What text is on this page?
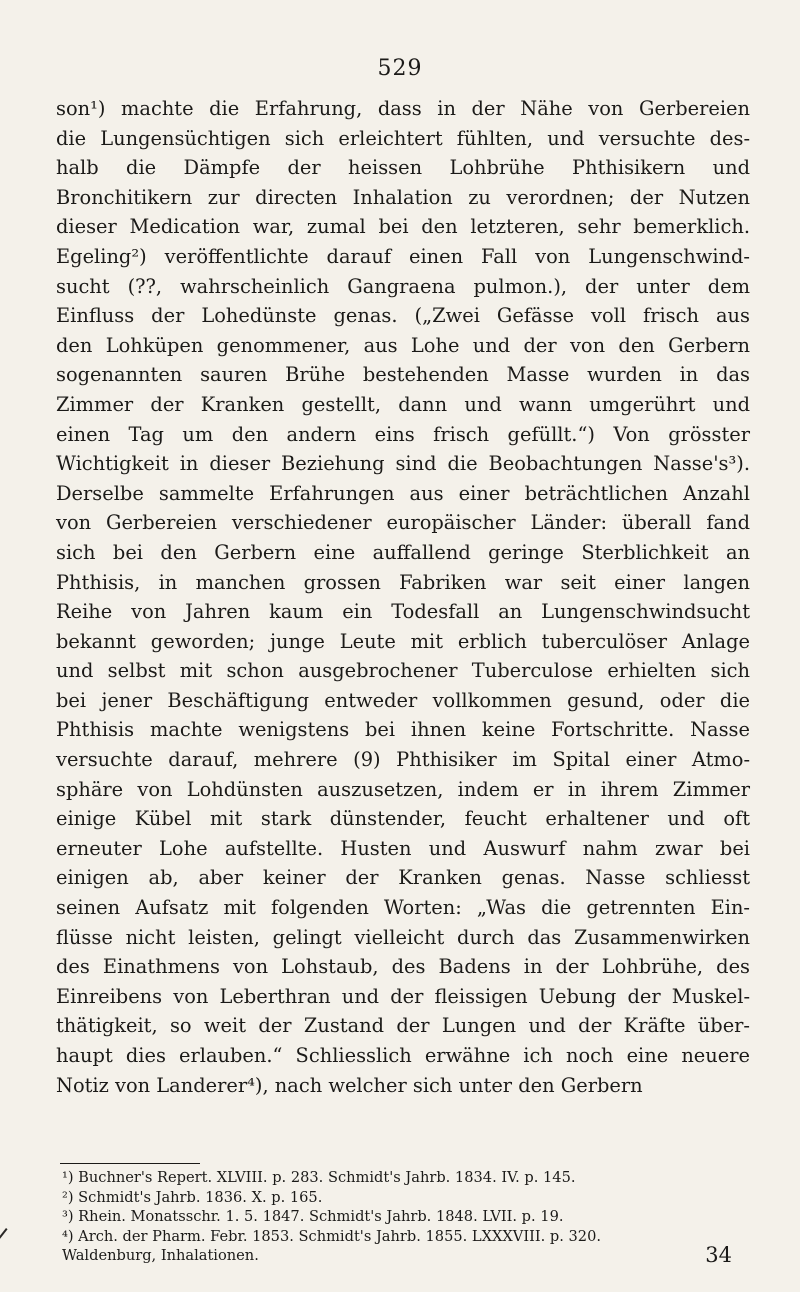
529
son¹) machte die Erfahrung, dass in der Nähe von Gerbereien
die Lungensüchtigen sich erleichtert fühlten, und versuchte des-
halb die Dämpfe der heissen Lohbrühe Phthisikern und
Bronchitikern zur directen Inhalation zu verordnen; der Nutzen
dieser Medication war, zumal bei den letzteren, sehr bemerklich.
Egeling²) veröffentlichte darauf einen Fall von Lungenschwind-
sucht (??, wahrscheinlich Gangraena pulmon.), der unter dem
Einfluss der Lohedünste genas. („Zwei Gefässe voll frisch aus
den Lohküpen genommener, aus Lohe und der von den Gerbern
sogenannten sauren Brühe bestehenden Masse wurden in das
Zimmer der Kranken gestellt, dann und wann umgerührt und
einen Tag um den andern eins frisch gefüllt.“) Von grösster
Wichtigkeit in dieser Beziehung sind die Beobachtungen Nasse's³).
Derselbe sammelte Erfahrungen aus einer beträchtlichen Anzahl
von Gerbereien verschiedener europäischer Länder: überall fand
sich bei den Gerbern eine auffallend geringe Sterblichkeit an
Phthisis, in manchen grossen Fabriken war seit einer langen
Reihe von Jahren kaum ein Todesfall an Lungenschwindsucht
bekannt geworden; junge Leute mit erblich tuberculöser Anlage
und selbst mit schon ausgebrochener Tuberculose erhielten sich
bei jener Beschäftigung entweder vollkommen gesund, oder die
Phthisis machte wenigstens bei ihnen keine Fortschritte. Nasse
versuchte darauf, mehrere (9) Phthisiker im Spital einer Atmo-
sphäre von Lohdünsten auszusetzen, indem er in ihrem Zimmer
einige Kübel mit stark dünstender, feucht erhaltener und oft
erneuter Lohe aufstellte. Husten und Auswurf nahm zwar bei
einigen ab, aber keiner der Kranken genas. Nasse schliesst
seinen Aufsatz mit folgenden Worten: „Was die getrennten Ein-
flüsse nicht leisten, gelingt vielleicht durch das Zusammenwirken
des Einathmens von Lohstaub, des Badens in der Lohbrühe, des
Einreibens von Leberthran und der fleissigen Uebung der Muskel-
thätigkeit, so weit der Zustand der Lungen und der Kräfte über-
haupt dies erlauben.“ Schliesslich erwähne ich noch eine neuere
Notiz von Landerer⁴), nach welcher sich unter den Gerbern
¹) Buchner's Repert. XLVIII. p. 283. Schmidt's Jahrb. 1834. IV. p. 145.
²) Schmidt's Jahrb. 1836. X. p. 165.
³) Rhein. Monatsschr. 1. 5. 1847. Schmidt's Jahrb. 1848. LVII. p. 19.
⁴) Arch. der Pharm. Febr. 1853. Schmidt's Jahrb. 1855. LXXXVIII. p. 320.
Waldenburg, Inhalationen.	34
